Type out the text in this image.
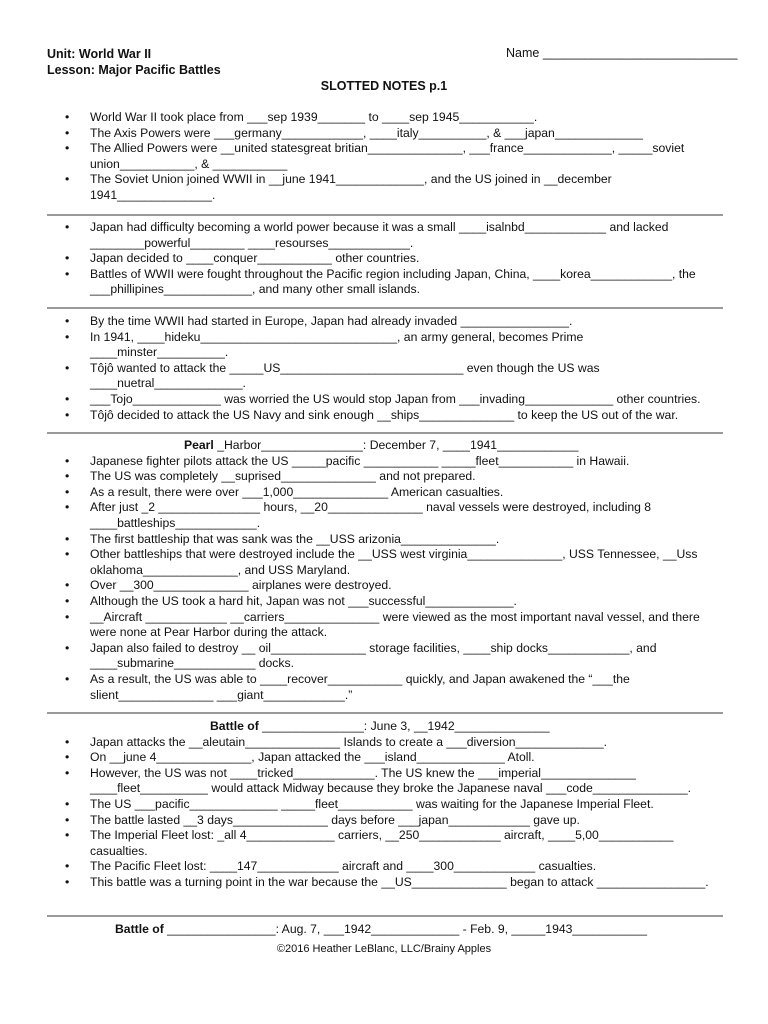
Unit: World War II
Lesson: Major Pacific Battles
Name ____________________________
SLOTTED NOTES p.1
• World War II took place from ___sep 1939_______ to ____sep 1945___________.
• The Axis Powers were ___germany____________, ____italy__________, & ___japan_____________
• The Allied Powers were __united statesgreat britian______________, ___france_____________, _____soviet union___________, & ___________
• The Soviet Union joined WWII in __june 1941_____________, and the US joined in __december 1941______________.
• Japan had difficulty becoming a world power because it was a small ____isalnbd____________ and lacked ________powerful________ ____resourses____________.
• Japan decided to ____conquer___________ other countries.
• Battles of WWII were fought throughout the Pacific region including Japan, China, ____korea____________, the ___phillipines_____________, and many other small islands.
• By the time WWII had started in Europe, Japan had already invaded ________________.
• In 1941, ____hideku_____________________________, an army general, becomes Prime ____minster__________.
• Tôjô wanted to attack the _____US___________________________ even though the US was ____nuetral_____________.
• ___Tojo_____________ was worried the US would stop Japan from ___invading_____________ other countries.
• Tôjô decided to attack the US Navy and sink enough __ships______________ to keep the US out of the war.
Pearl _Harbor_______________: December 7, ____1941____________
• Japanese fighter pilots attack the US _____pacific ___________ _____fleet___________ in Hawaii.
• The US was completely __suprised______________ and not prepared.
• As a result, there were over ___1,000______________ American casualties.
• After just _2 _______________ hours, __20______________ naval vessels were destroyed, including 8 ____battleships____________.
• The first battleship that was sank was the __USS arizonia______________.
• Other battleships that were destroyed include the __USS west virginia______________, USS Tennessee, __Uss oklahoma______________, and USS Maryland.
• Over __300______________ airplanes were destroyed.
• Although the US took a hard hit, Japan was not ___successful_____________.
• __Aircraft ____________ __carriers______________ were viewed as the most important naval vessel, and there were none at Pear Harbor during the attack.
• Japan also failed to destroy __ oil______________ storage facilities, ____ship docks____________, and ____submarine____________ docks.
• As a result, the US was able to ____recover___________ quickly, and Japan awakened the “___the slient______________ ___giant____________.”
Battle of _______________: June 3, __1942______________
• Japan attacks the __aleutain______________ Islands to create a ___diversion_____________.
• On __june 4______________, Japan attacked the ___island_____________ Atoll.
• However, the US was not ____tricked____________. The US knew the ___imperial______________ ____fleet__________ would attack Midway because they broke the Japanese naval ___code______________.
• The US ___pacific_____________ _____fleet___________ was waiting for the Japanese Imperial Fleet.
• The battle lasted __3 days______________ days before ___japan____________ gave up.
• The Imperial Fleet lost: _all 4_____________ carriers, __250____________ aircraft, ____5,00___________ casualties.
• The Pacific Fleet lost: ____147____________ aircraft and ____300____________ casualties.
• This battle was a turning point in the war because the __US______________ began to attack ________________.
Battle of ________________: Aug. 7, ___1942_____________ - Feb. 9, _____1943___________
©2016 Heather LeBlanc, LLC/Brainy Apples
